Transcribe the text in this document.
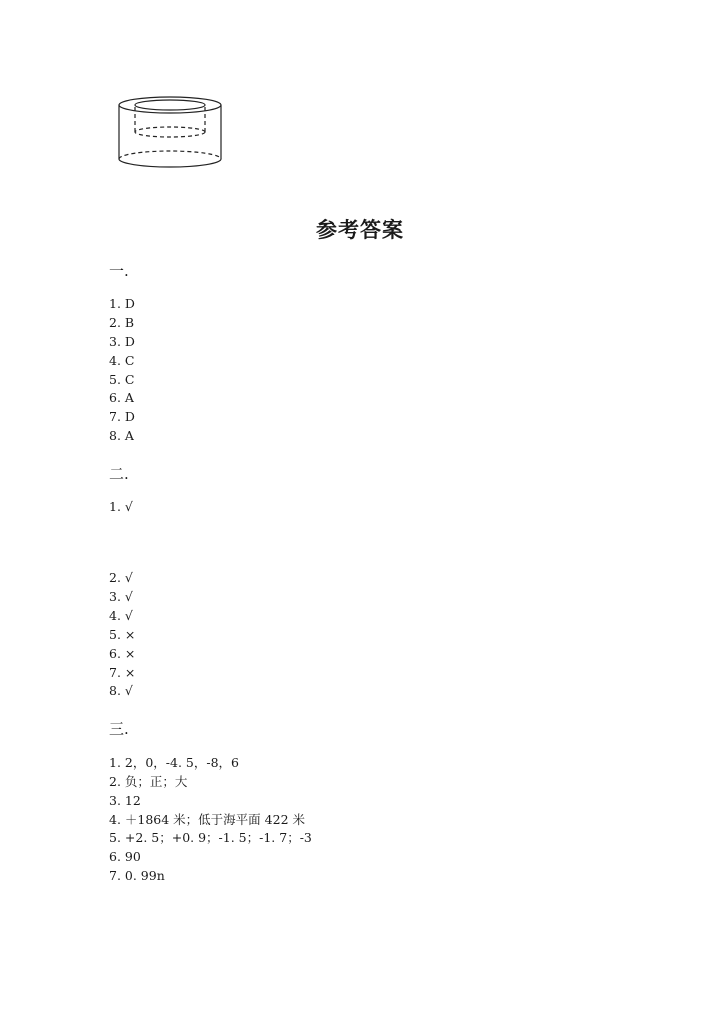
参考答案
一.
1. D
2. B
3. D
4. C
5. C
6. A
7. D
8. A
二.
1. √
2. √
3. √
4. √
5. ×
6. ×
7. ×
8. √
三.
1. 2，0，-4. 5，-8，6
2. 负；正；大
3. 12
4. ＋1864 米；低于海平面 422 米
5. +2. 5；+0. 9；-1. 5；-1. 7；-3
6. 90
7. 0. 99n
